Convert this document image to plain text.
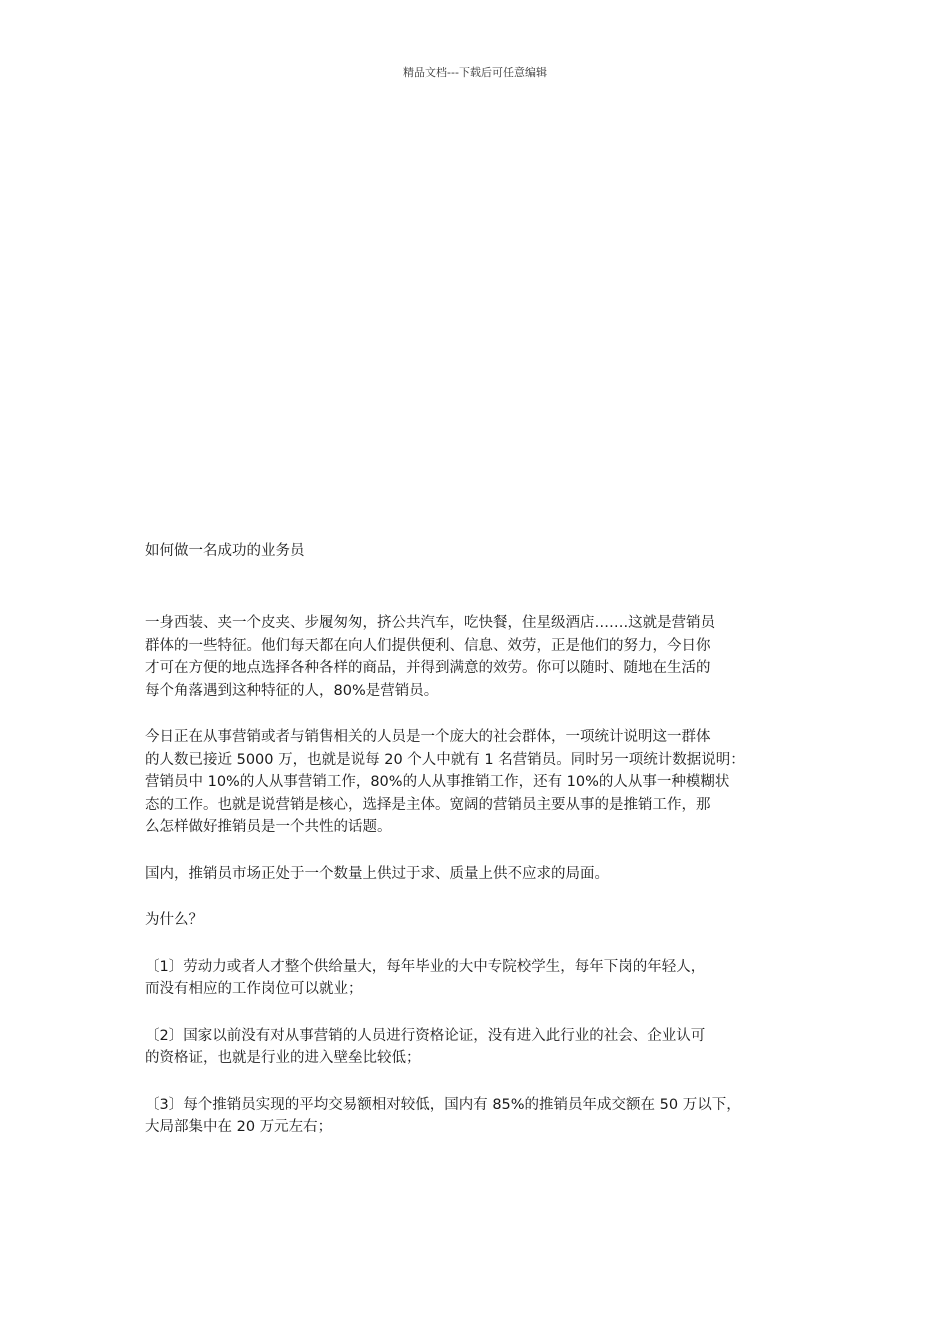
精品文档---下载后可任意编辑
如何做一名成功的业务员

一身西装、夹一个皮夹、步履匆匆，挤公共汽车，吃快餐，住星级酒店…….这就是营销员
群体的一些特征。他们每天都在向人们提供便利、信息、效劳，正是他们的努力，今日你
才可在方便的地点选择各种各样的商品，并得到满意的效劳。你可以随时、随地在生活的
每个角落遇到这种特征的人，80%是营销员。

今日正在从事营销或者与销售相关的人员是一个庞大的社会群体，一项统计说明这一群体
的人数已接近 5000 万，也就是说每 20 个人中就有 1 名营销员。同时另一项统计数据说明：
营销员中 10%的人从事营销工作，80%的人从事推销工作，还有 10%的人从事一种模糊状
态的工作。也就是说营销是核心，选择是主体。宽阔的营销员主要从事的是推销工作，那
么怎样做好推销员是一个共性的话题。

国内，推销员市场正处于一个数量上供过于求、质量上供不应求的局面。

为什么？

〔1〕劳动力或者人才整个供给量大，每年毕业的大中专院校学生，每年下岗的年轻人，
而没有相应的工作岗位可以就业；

〔2〕国家以前没有对从事营销的人员进行资格论证，没有进入此行业的社会、企业认可
的资格证，也就是行业的进入壁垒比较低；

〔3〕每个推销员实现的平均交易额相对较低，国内有 85%的推销员年成交额在 50 万以下，
大局部集中在 20 万元左右；
